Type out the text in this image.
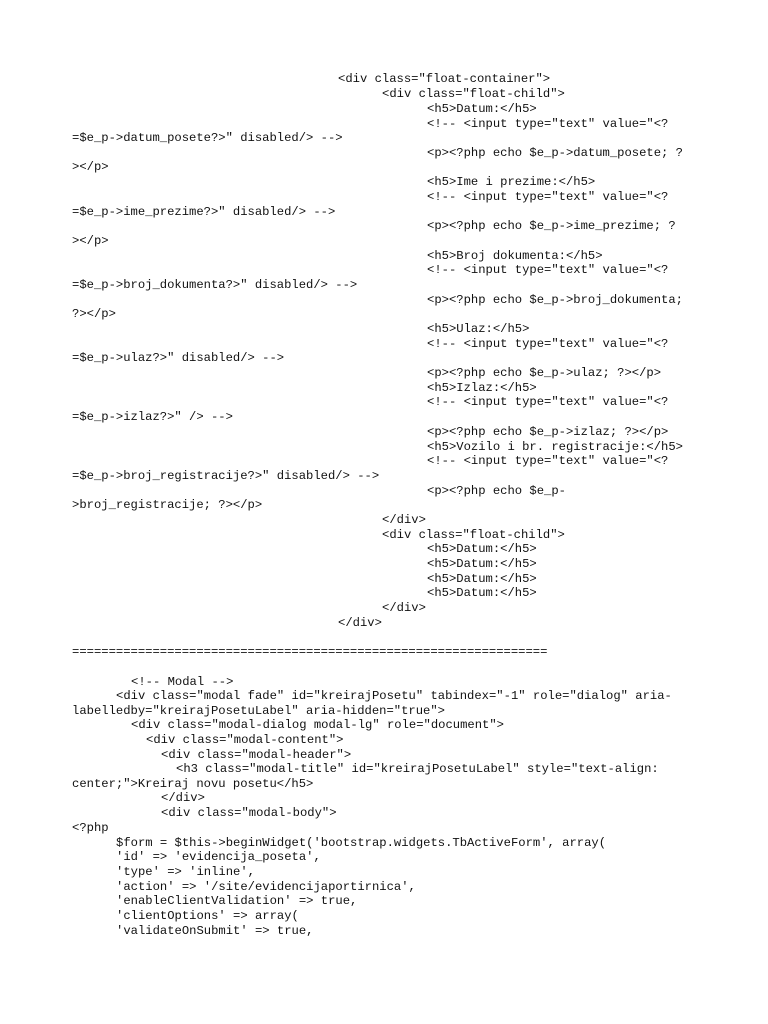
<div class="float-container">
<div class="float-child">
<h5>Datum:</h5>
<!-- <input type="text" value="<?
=$e_p->datum_posete?>" disabled/> -->
<p><?php echo $e_p->datum_posete; ?
></p>
<h5>Ime i prezime:</h5>
<!-- <input type="text" value="<?
=$e_p->ime_prezime?>" disabled/> -->
<p><?php echo $e_p->ime_prezime; ?
></p>
<h5>Broj dokumenta:</h5>
<!-- <input type="text" value="<?
=$e_p->broj_dokumenta?>" disabled/> -->
<p><?php echo $e_p->broj_dokumenta;
?></p>
<h5>Ulaz:</h5>
<!-- <input type="text" value="<?
=$e_p->ulaz?>" disabled/> -->
<p><?php echo $e_p->ulaz; ?></p>
<h5>Izlaz:</h5>
<!-- <input type="text" value="<?
=$e_p->izlaz?>" /> -->
<p><?php echo $e_p->izlaz; ?></p>
<h5>Vozilo i br. registracije:</h5>
<!-- <input type="text" value="<?
=$e_p->broj_registracije?>" disabled/> -->
<p><?php echo $e_p-
>broj_registracije; ?></p>
</div>
<div class="float-child">
<h5>Datum:</h5>
<h5>Datum:</h5>
<h5>Datum:</h5>
<h5>Datum:</h5>
</div>
</div>
=================================================================
<!-- Modal -->
<div class="modal fade" id="kreirajPosetu" tabindex="-1" role="dialog" aria-
labelledby="kreirajPosetuLabel" aria-hidden="true">
<div class="modal-dialog modal-lg" role="document">
<div class="modal-content">
<div class="modal-header">
<h3 class="modal-title" id="kreirajPosetuLabel" style="text-align:
center;">Kreiraj novu posetu</h5>
</div>
<div class="modal-body">
<?php
$form = $this->beginWidget('bootstrap.widgets.TbActiveForm', array(
'id' => 'evidencija_poseta',
'type' => 'inline',
'action' => '/site/evidencijaportirnica',
'enableClientValidation' => true,
'clientOptions' => array(
'validateOnSubmit' => true,
